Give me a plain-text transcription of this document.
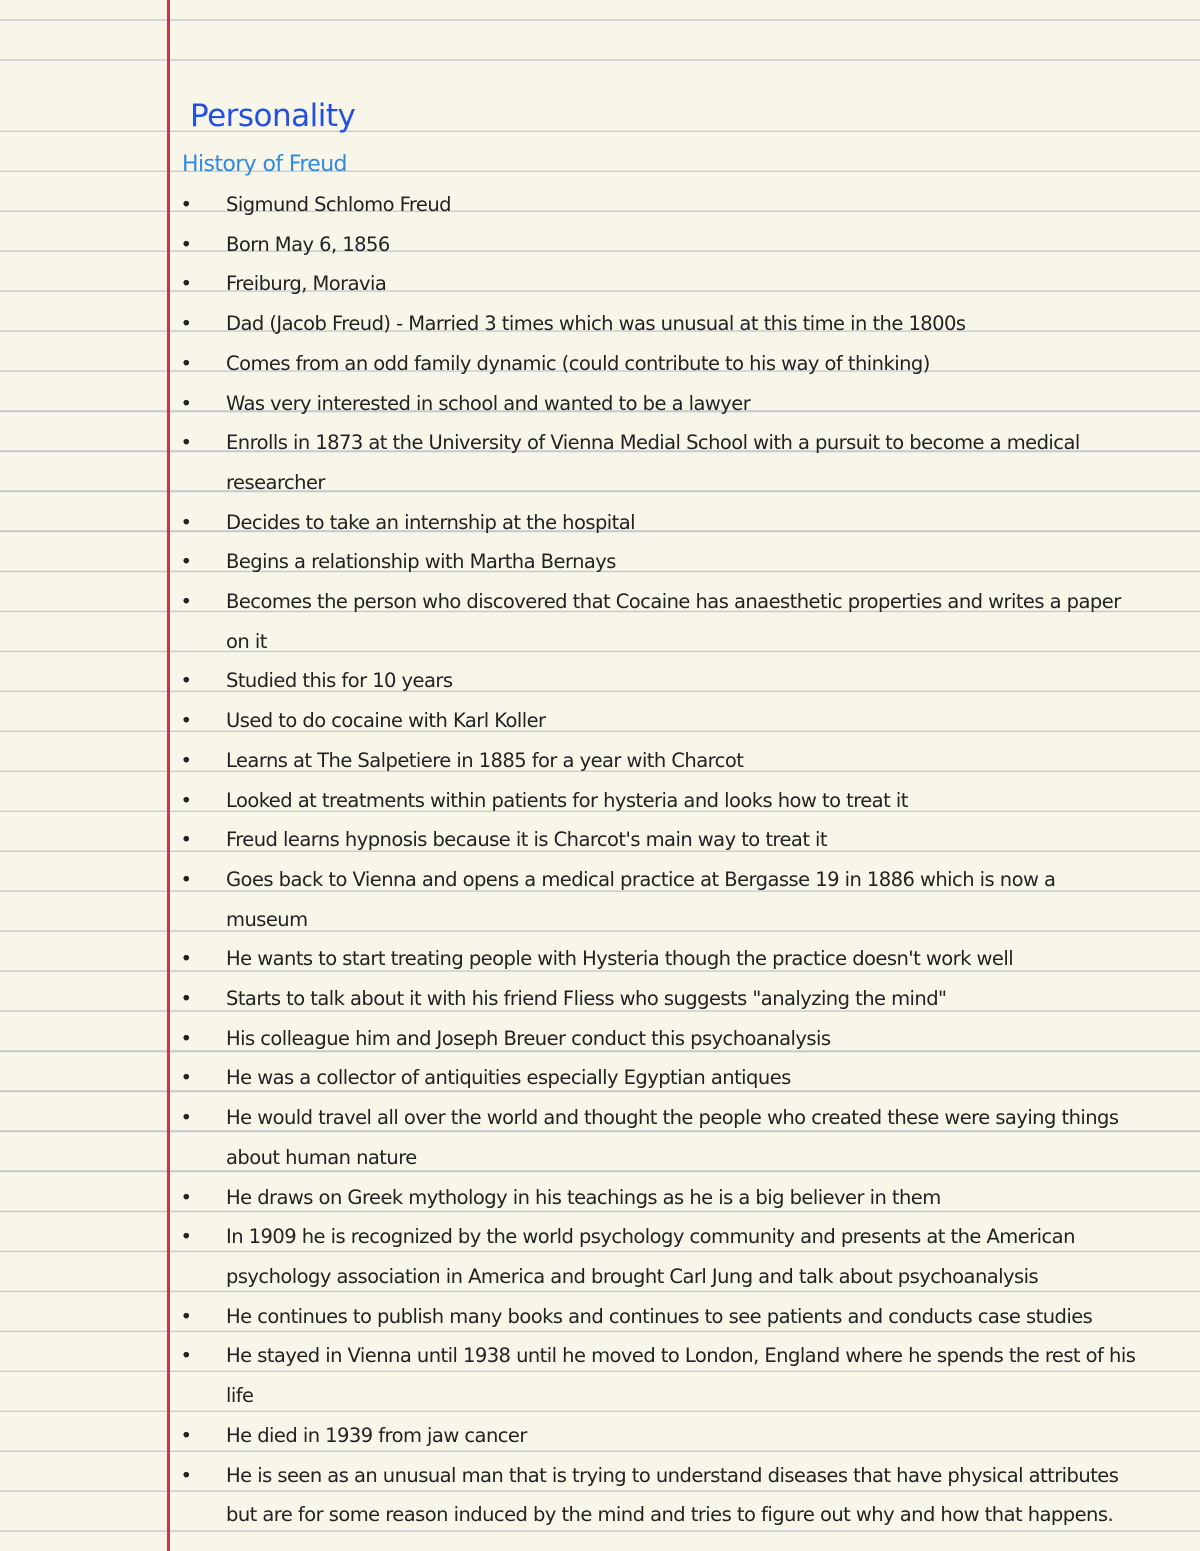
Personality
History of Freud
• Sigmund Schlomo Freud
• Born May 6, 1856
• Freiburg, Moravia
• Dad (Jacob Freud) - Married 3 times which was unusual at this time in the 1800s
• Comes from an odd family dynamic (could contribute to his way of thinking)
• Was very interested in school and wanted to be a lawyer
• Enrolls in 1873 at the University of Vienna Medial School with a pursuit to become a medical researcher
• Decides to take an internship at the hospital
• Begins a relationship with Martha Bernays
• Becomes the person who discovered that Cocaine has anaesthetic properties and writes a paper on it
• Studied this for 10 years
• Used to do cocaine with Karl Koller
• Learns at The Salpetiere in 1885 for a year with Charcot
• Looked at treatments within patients for hysteria and looks how to treat it
• Freud learns hypnosis because it is Charcot's main way to treat it
• Goes back to Vienna and opens a medical practice at Bergasse 19 in 1886 which is now a museum
• He wants to start treating people with Hysteria though the practice doesn't work well
• Starts to talk about it with his friend Fliess who suggests "analyzing the mind"
• His colleague him and Joseph Breuer conduct this psychoanalysis
• He was a collector of antiquities especially Egyptian antiques
• He would travel all over the world and thought the people who created these were saying things about human nature
• He draws on Greek mythology in his teachings as he is a big believer in them
• In 1909 he is recognized by the world psychology community and presents at the American psychology association in America and brought Carl Jung and talk about psychoanalysis
• He continues to publish many books and continues to see patients and conducts case studies
• He stayed in Vienna until 1938 until he moved to London, England where he spends the rest of his life
• He died in 1939 from jaw cancer
• He is seen as an unusual man that is trying to understand diseases that have physical attributes but are for some reason induced by the mind and tries to figure out why and how that happens.
